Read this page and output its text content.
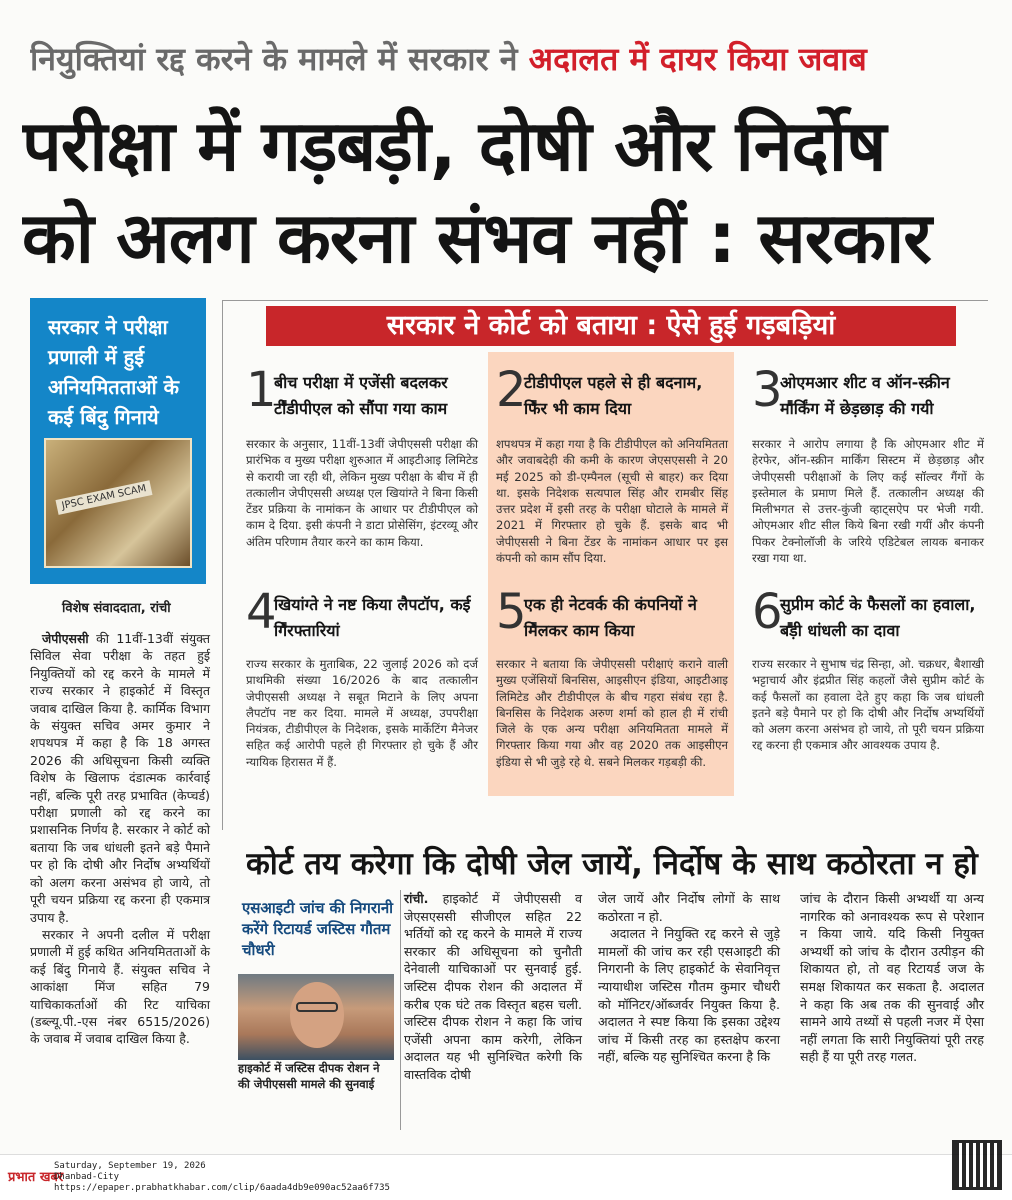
नियुक्तियां रद्द करने के मामले में सरकार ने अदालत में दायर किया जवाब
परीक्षा में गड़बड़ी, दोषी और निर्दोष
को अलग करना संभव नहीं : सरकार
सरकार ने परीक्षा प्रणाली में हुई अनियमितताओं के कई बिंदु गिनाये
JPSC EXAM SCAM
विशेष संवाददाता, रांची

जेपीएससी की 11वीं-13वीं संयुक्त सिविल सेवा परीक्षा के तहत हुई नियुक्तियों को रद्द करने के मामले में राज्य सरकार ने हाइकोर्ट में विस्तृत जवाब दाखिल किया है. कार्मिक विभाग के संयुक्त सचिव अमर कुमार ने शपथपत्र में कहा है कि 18 अगस्त 2026 की अधिसूचना किसी व्यक्ति विशेष के खिलाफ दंडात्मक कार्रवाई नहीं, बल्कि पूरी तरह प्रभावित (केप्चर्ड) परीक्षा प्रणाली को रद्द करने का प्रशासनिक निर्णय है. सरकार ने कोर्ट को बताया कि जब धांधली इतने बड़े पैमाने पर हो कि दोषी और निर्दोष अभ्यर्थियों को अलग करना असंभव हो जाये, तो पूरी चयन प्रक्रिया रद्द करना ही एकमात्र उपाय है.

सरकार ने अपनी दलील में परीक्षा प्रणाली में हुई कथित अनियमितताओं के कई बिंदु गिनाये हैं. संयुक्त सचिव ने आकांक्षा मिंज सहित 79 याचिकाकर्ताओं की रिट याचिका (डब्ल्यू.पी.-एस नंबर 6515/2026) के जवाब में जवाब दाखिल किया है.

सरकार ने कोर्ट को बताया : ऐसे हुई गड़बड़ियां
1.
बीच परीक्षा में एजेंसी बदलकर टीडीपीएल को सौंपा गया काम
सरकार के अनुसार, 11वीं-13वीं जेपीएससी परीक्षा की प्रारंभिक व मुख्य परीक्षा शुरुआत में आइटीआइ लिमिटेड से करायी जा रही थी, लेकिन मुख्य परीक्षा के बीच में ही तत्कालीन जेपीएससी अध्यक्ष एल खियांग्ते ने बिना किसी टेंडर प्रक्रिया के नामांकन के आधार पर टीडीपीएल को काम दे दिया. इसी कंपनी ने डाटा प्रोसेसिंग, इंटरव्यू और अंतिम परिणाम तैयार करने का काम किया.
2.
टीडीपीएल पहले से ही बदनाम, फिर भी काम दिया
शपथपत्र में कहा गया है कि टीडीपीएल को अनियमितता और जवाबदेही की कमी के कारण जेएसएससी ने 20 मई 2025 को डी-एम्पैनल (सूची से बाहर) कर दिया था. इसके निदेशक सत्यपाल सिंह और रामबीर सिंह उत्तर प्रदेश में इसी तरह के परीक्षा घोटाले के मामले में 2021 में गिरफ्तार हो चुके हैं. इसके बाद भी जेपीएससी ने बिना टेंडर के नामांकन आधार पर इस कंपनी को काम सौंप दिया.
3.
ओएमआर शीट व ऑन-स्क्रीन मार्किंग में छेड़छाड़ की गयी
सरकार ने आरोप लगाया है कि ओएमआर शीट में हेरफेर, ऑन-स्क्रीन मार्किंग सिस्टम में छेड़छाड़ और जेपीएससी परीक्षाओं के लिए कई सॉल्वर गैंगों के इस्तेमाल के प्रमाण मिले हैं. तत्कालीन अध्यक्ष की मिलीभगत से उत्तर-कुंजी व्हाट्सऐप पर भेजी गयी. ओएमआर शीट सील किये बिना रखी गयीं और कंपनी पिकर टेक्नोलॉजी के जरिये एडिटेबल लायक बनाकर रखा गया था.
4.
खियांग्ते ने नष्ट किया लैपटॉप, कई गिरफ्तारियां
राज्य सरकार के मुताबिक, 22 जुलाई 2026 को दर्ज प्राथमिकी संख्या 16/2026 के बाद तत्कालीन जेपीएससी अध्यक्ष ने सबूत मिटाने के लिए अपना लैपटॉप नष्ट कर दिया. मामले में अध्यक्ष, उपपरीक्षा नियंत्रक, टीडीपीएल के निदेशक, इसके मार्केटिंग मैनेजर सहित कई आरोपी पहले ही गिरफ्तार हो चुके हैं और न्यायिक हिरासत में हैं.
5.
एक ही नेटवर्क की कंपनियों ने मिलकर काम किया
सरकार ने बताया कि जेपीएससी परीक्षाएं कराने वाली मुख्य एजेंसियों बिनसिस, आइसीएन इंडिया, आइटीआइ लिमिटेड और टीडीपीएल के बीच गहरा संबंध रहा है. बिनसिस के निदेशक अरुण शर्मा को हाल ही में रांची जिले के एक अन्य परीक्षा अनियमितता मामले में गिरफ्तार किया गया और वह 2020 तक आइसीएन इंडिया से भी जुड़े रहे थे. सबने मिलकर गड़बड़ी की.
6.
सुप्रीम कोर्ट के फैसलों का हवाला, बड़ी धांधली का दावा
राज्य सरकार ने सुभाष चंद्र सिन्हा, ओ. चक्रधर, बैशाखी भट्टाचार्य और इंद्रप्रीत सिंह कहलों जैसे सुप्रीम कोर्ट के कई फैसलों का हवाला देते हुए कहा कि जब धांधली इतने बड़े पैमाने पर हो कि दोषी और निर्दोष अभ्यर्थियों को अलग करना असंभव हो जाये, तो पूरी चयन प्रक्रिया रद्द करना ही एकमात्र और आवश्यक उपाय है.
कोर्ट तय करेगा कि दोषी जेल जायें, निर्दोष के साथ कठोरता न हो
एसआइटी जांच की निगरानी करेंगे रिटायर्ड जस्टिस गौतम चौधरी
हाइकोर्ट में जस्टिस दीपक रोशन ने की जेपीएससी मामले की सुनवाई
रांची. हाइकोर्ट में जेपीएससी व जेएसएससी सीजीएल सहित 22 भर्तियों को रद्द करने के मामले में राज्य सरकार की अधिसूचना को चुनौती देनेवाली याचिकाओं पर सुनवाई हुई. जस्टिस दीपक रोशन की अदालत में करीब एक घंटे तक विस्तृत बहस चली. जस्टिस दीपक रोशन ने कहा कि जांच एजेंसी अपना काम करेगी, लेकिन अदालत यह भी सुनिश्चित करेगी कि वास्तविक दोषी
जेल जायें और निर्दोष लोगों के साथ कठोरता न हो.

अदालत ने नियुक्ति रद्द करने से जुड़े मामलों की जांच कर रही एसआइटी की निगरानी के लिए हाइकोर्ट के सेवानिवृत्त न्यायाधीश जस्टिस गौतम कुमार चौधरी को मॉनिटर/ऑब्जर्वर नियुक्त किया है. अदालत ने स्पष्ट किया कि इसका उद्देश्य जांच में किसी तरह का हस्तक्षेप करना नहीं, बल्कि यह सुनिश्चित करना है कि

जांच के दौरान किसी अभ्यर्थी या अन्य नागरिक को अनावश्यक रूप से परेशान न किया जाये. यदि किसी नियुक्त अभ्यर्थी को जांच के दौरान उत्पीड़न की शिकायत हो, तो वह रिटायर्ड जज के समक्ष शिकायत कर सकता है. अदालत ने कहा कि अब तक की सुनवाई और सामने आये तथ्यों से पहली नजर में ऐसा नहीं लगता कि सारी नियुक्तियां पूरी तरह सही हैं या पूरी तरह गलत.
प्रभात खबर
Saturday, September 19, 2026
Dhanbad-City
https://epaper.prabhatkhabar.com/clip/6aada4db9e090ac52aa6f735
